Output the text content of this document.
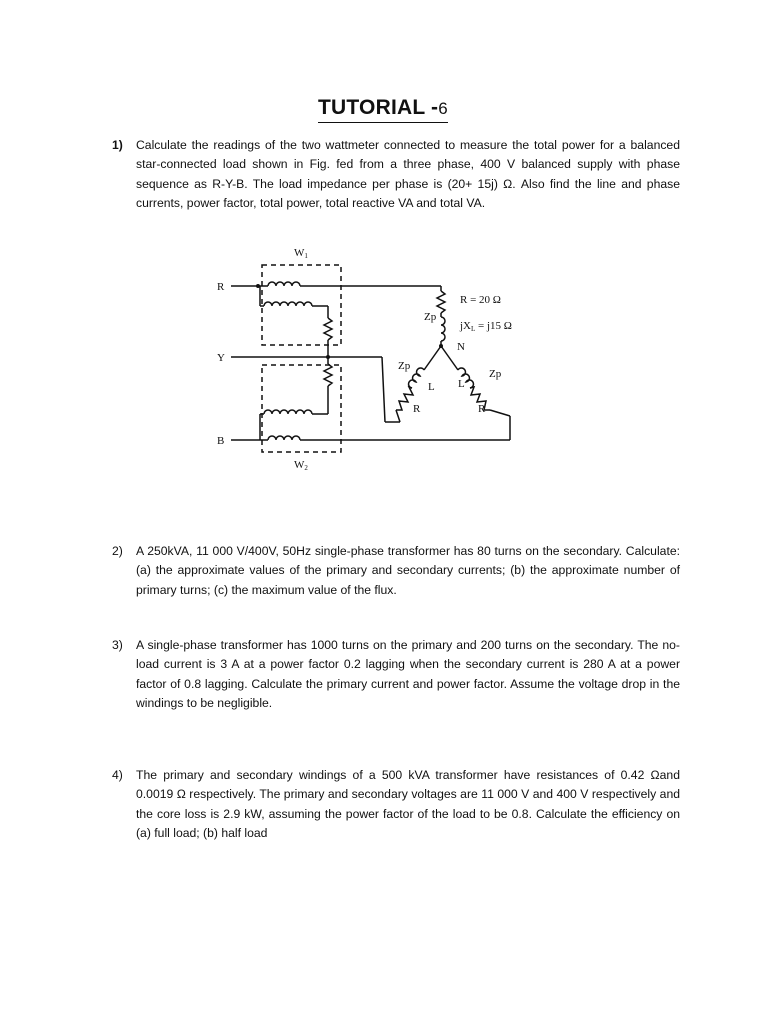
TUTORIAL -6
1)	Calculate the readings of the two wattmeter connected to measure the total power for a balanced star-connected load shown in Fig. fed from a three phase, 400 V balanced supply with phase sequence as R-Y-B. The load impedance per phase is (20+ 15j) Ω. Also find the line and phase currents, power factor, total power, total reactive VA and total VA.
W1
W2
R
Y
B
R = 20 Ω
jXL = j15 Ω
Zp
N
Zp
Zp
L L
R	R
2)	A 250kVA, 11 000 V/400V, 50Hz single-phase transformer has 80 turns on the secondary. Calculate: (a) the approximate values of the primary and secondary currents; (b) the approximate number of primary turns; (c) the maximum value of the flux.
3)	A single-phase transformer has 1000 turns on the primary and 200 turns on the secondary. The no-load current is 3 A at a power factor 0.2 lagging when the secondary current is 280 A at a power factor of 0.8 lagging. Calculate the primary current and power factor. Assume the voltage drop in the windings to be negligible.
4)	The primary and secondary windings of a 500 kVA transformer have resistances of 0.42 Ωand 0.0019 Ω respectively. The primary and secondary voltages are 11 000 V and 400 V respectively and the core loss is 2.9 kW, assuming the power factor of the load to be 0.8. Calculate the efficiency on (a) full load; (b) half load
